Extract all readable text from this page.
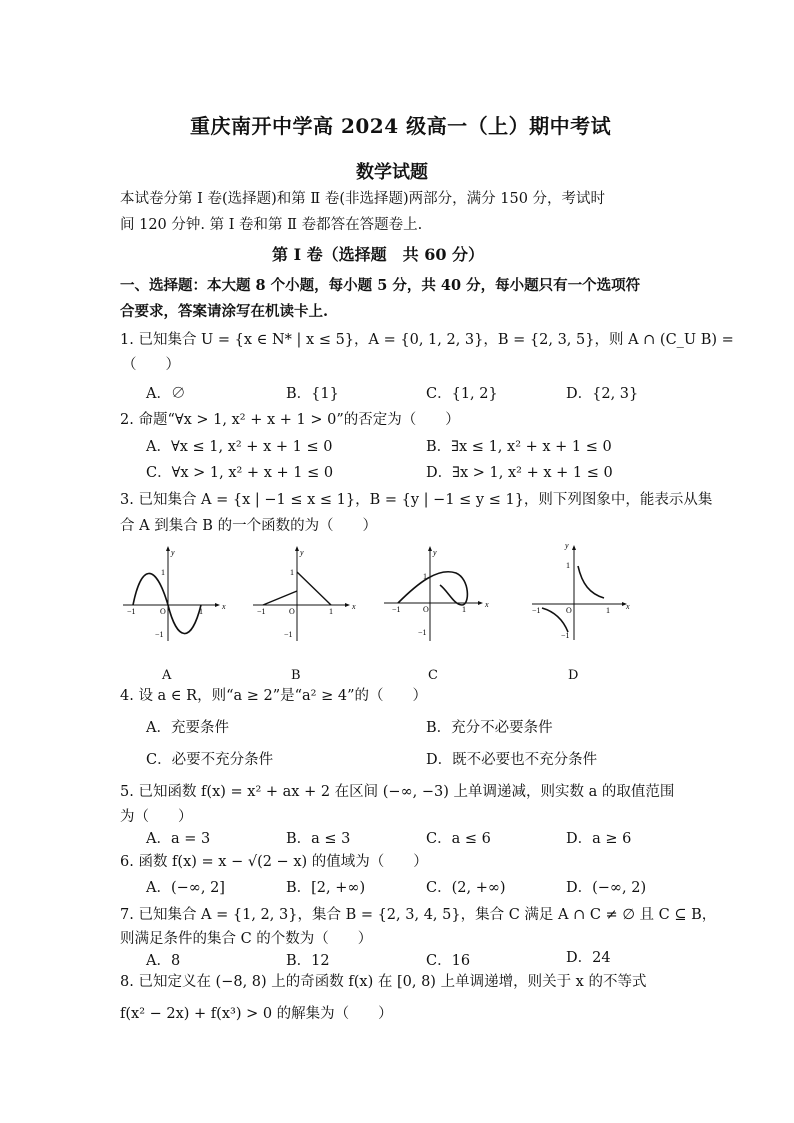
重庆南开中学高 2024 级高一（上）期中考试
数学试题
本试卷分第 Ⅰ 卷(选择题)和第 Ⅱ 卷(非选择题)两部分，满分 150 分，考试时
间 120 分钟. 第 Ⅰ 卷和第 Ⅱ 卷都答在答题卷上.
第 Ⅰ 卷（选择题　共 60 分）
一、选择题：本大题 8 个小题，每小题 5 分，共 40 分，每小题只有一个选项符
合要求，答案请涂写在机读卡上.
1. 已知集合 U = {x ∈ N* | x ≤ 5}，A = {0, 1, 2, 3}，B = {2, 3, 5}，则 A ∩ (C_U B) =
（　　）
A．∅	B．{1}	C．{1, 2}	D．{2, 3}
2. 命题“∀x > 1, x² + x + 1 > 0”的否定为（　　）
A．∀x ≤ 1, x² + x + 1 ≤ 0	B．∃x ≤ 1, x² + x + 1 ≤ 0
C．∀x > 1, x² + x + 1 ≤ 0	D．∃x > 1, x² + x + 1 ≤ 0
3. 已知集合 A = {x | −1 ≤ x ≤ 1}，B = {y | −1 ≤ y ≤ 1}，则下列图象中，能表示从集
合 A 到集合 B 的一个函数的为（　　）
x
y
O
−1	1
1
−1
x
y
O
−1	1
1
−1
x
y
O
−1	1
1
−1
x
y
O
−1	1
1
−1
A	B	C	D
4. 设 a ∈ R，则“a ≥ 2”是“a² ≥ 4”的（　　）
A．充要条件	B．充分不必要条件
C．必要不充分条件	D．既不必要也不充分条件
5. 已知函数 f(x) = x² + ax + 2 在区间 (−∞, −3) 上单调递减，则实数 a 的取值范围
为（　　）
A．a = 3	B．a ≤ 3	C．a ≤ 6	D．a ≥ 6
6. 函数 f(x) = x − √(2 − x) 的值域为（　　）
A．(−∞, 2]	B．[2, +∞)	C．(2, +∞)	D．(−∞, 2)
7. 已知集合 A = {1, 2, 3}，集合 B = {2, 3, 4, 5}，集合 C 满足 A ∩ C ≠ ∅ 且 C ⊆ B，
则满足条件的集合 C 的个数为（　　）
A．8	B．12	C．16	D．24
8. 已知定义在 (−8, 8) 上的奇函数 f(x) 在 [0, 8) 上单调递增，则关于 x 的不等式
f(x² − 2x) + f(x³) > 0 的解集为（　　）
